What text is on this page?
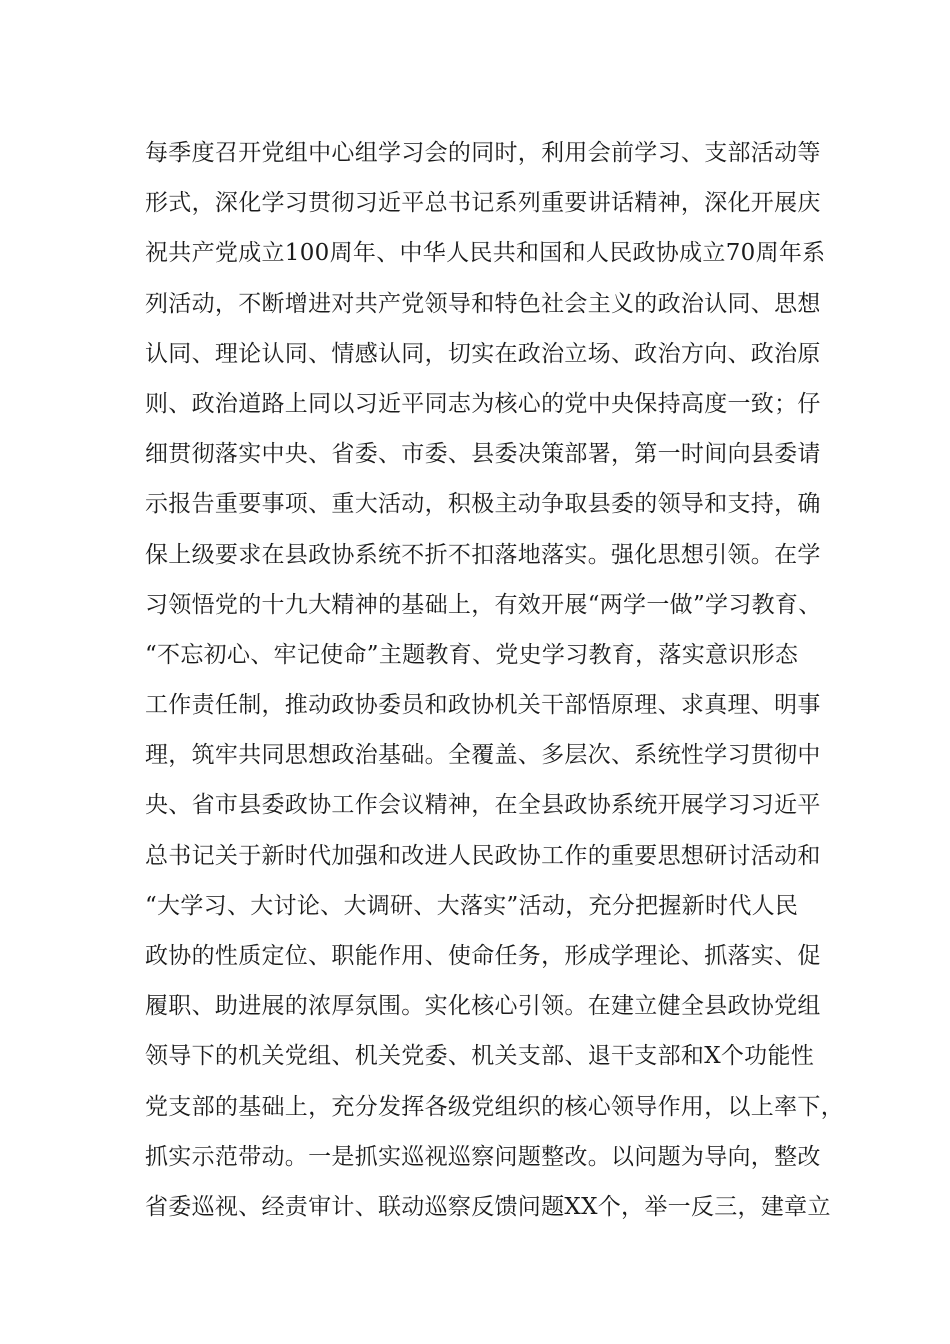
每季度召开党组中心组学习会的同时，利用会前学习、支部活动等
形式，深化学习贯彻习近平总书记系列重要讲话精神，深化开展庆
祝共产党成立100周年、中华人民共和国和人民政协成立70周年系
列活动，不断增进对共产党领导和特色社会主义的政治认同、思想
认同、理论认同、情感认同，切实在政治立场、政治方向、政治原
则、政治道路上同以习近平同志为核心的党中央保持高度一致；仔
细贯彻落实中央、省委、市委、县委决策部署，第一时间向县委请
示报告重要事项、重大活动，积极主动争取县委的领导和支持，确
保上级要求在县政协系统不折不扣落地落实。强化思想引领。在学
习领悟党的十九大精神的基础上，有效开展“两学一做”学习教育、
“不忘初心、牢记使命”主题教育、党史学习教育，落实意识形态
工作责任制，推动政协委员和政协机关干部悟原理、求真理、明事
理，筑牢共同思想政治基础。全覆盖、多层次、系统性学习贯彻中
央、省市县委政协工作会议精神，在全县政协系统开展学习习近平
总书记关于新时代加强和改进人民政协工作的重要思想研讨活动和
“大学习、大讨论、大调研、大落实”活动，充分把握新时代人民
政协的性质定位、职能作用、使命任务，形成学理论、抓落实、促
履职、助进展的浓厚氛围。实化核心引领。在建立健全县政协党组
领导下的机关党组、机关党委、机关支部、退干支部和X个功能性
党支部的基础上，充分发挥各级党组织的核心领导作用，以上率下，
抓实示范带动。一是抓实巡视巡察问题整改。以问题为导向，整改
省委巡视、经责审计、联动巡察反馈问题XX个，举一反三，建章立
